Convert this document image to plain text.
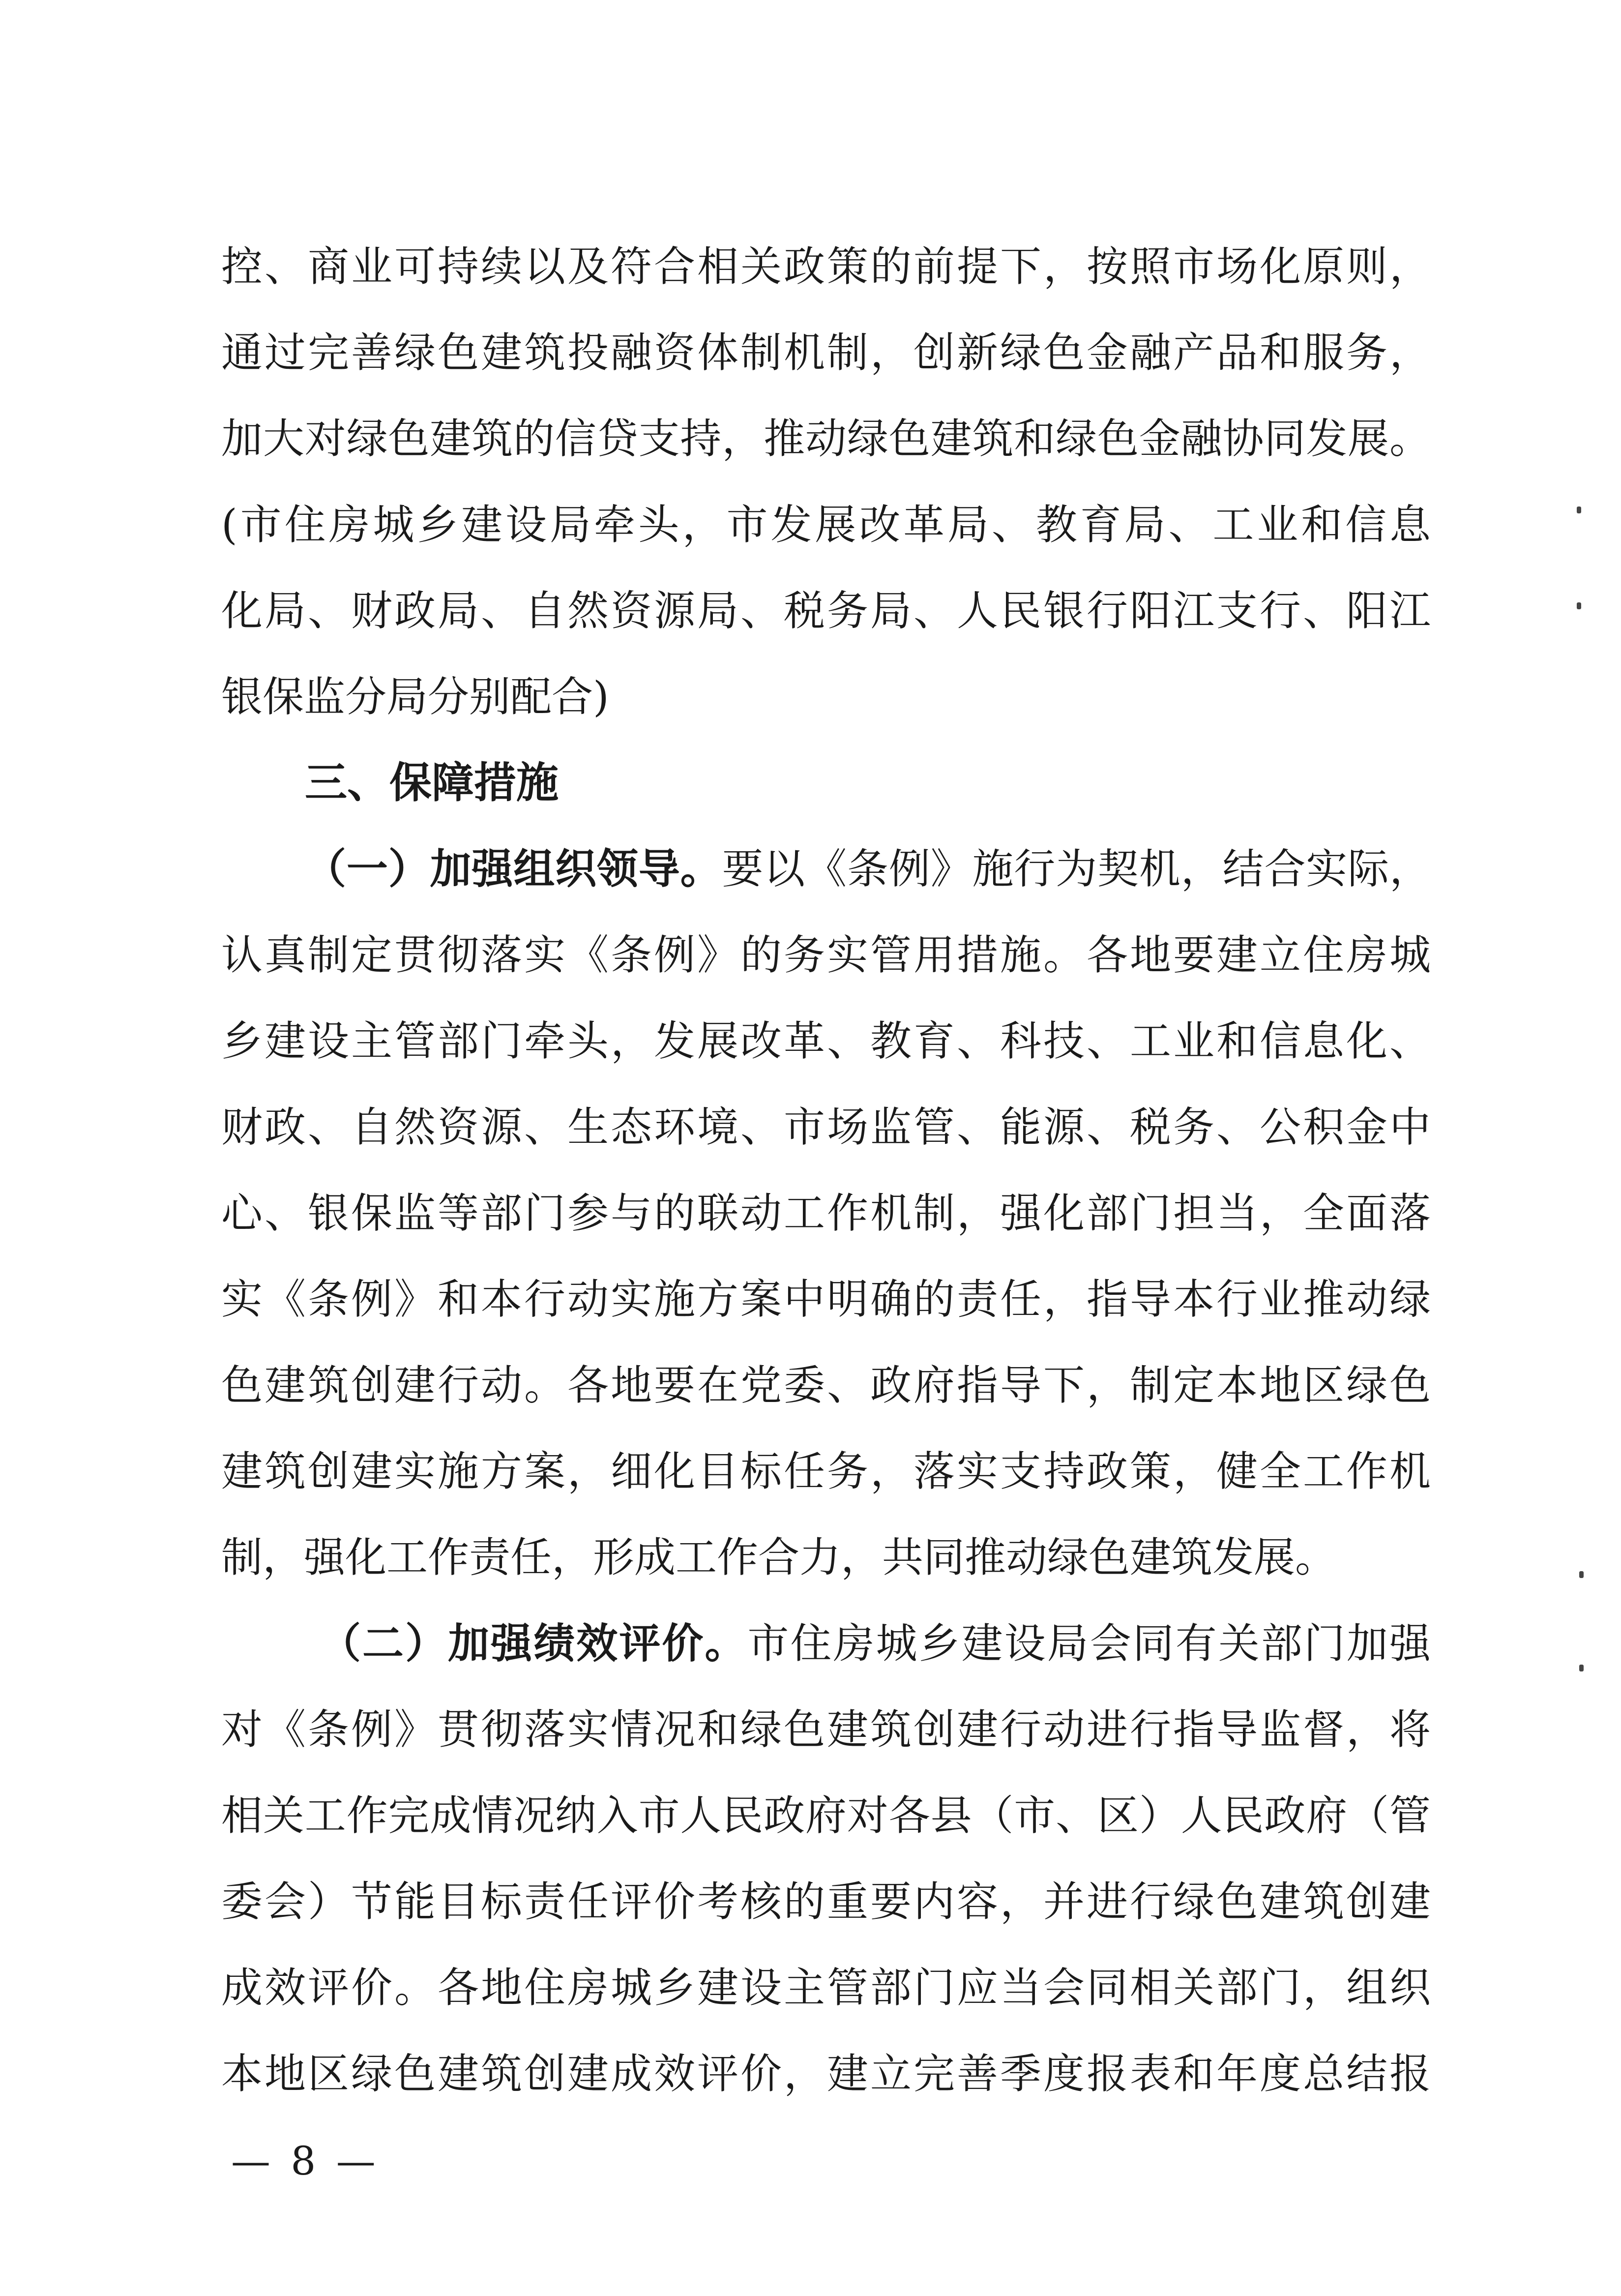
控、商业可持续以及符合相关政策的前提下，按照市场化原则，
通过完善绿色建筑投融资体制机制，创新绿色金融产品和服务，
加大对绿色建筑的信贷支持，推动绿色建筑和绿色金融协同发展。
(市住房城乡建设局牵头，市发展改革局、教育局、工业和信息
化局、财政局、自然资源局、税务局、人民银行阳江支行、阳江
银保监分局分别配合)
三、保障措施
（一）加强组织领导。要以《条例》施行为契机，结合实际，
认真制定贯彻落实《条例》的务实管用措施。各地要建立住房城
乡建设主管部门牵头，发展改革、教育、科技、工业和信息化、
财政、自然资源、生态环境、市场监管、能源、税务、公积金中
心、银保监等部门参与的联动工作机制，强化部门担当，全面落
实《条例》和本行动实施方案中明确的责任，指导本行业推动绿
色建筑创建行动。各地要在党委、政府指导下，制定本地区绿色
建筑创建实施方案，细化目标任务，落实支持政策，健全工作机
制，强化工作责任，形成工作合力，共同推动绿色建筑发展。
（二）加强绩效评价。市住房城乡建设局会同有关部门加强
对《条例》贯彻落实情况和绿色建筑创建行动进行指导监督，将
相关工作完成情况纳入市人民政府对各县（市、区）人民政府（管
委会）节能目标责任评价考核的重要内容，并进行绿色建筑创建
成效评价。各地住房城乡建设主管部门应当会同相关部门，组织
本地区绿色建筑创建成效评价，建立完善季度报表和年度总结报
— 8 —
